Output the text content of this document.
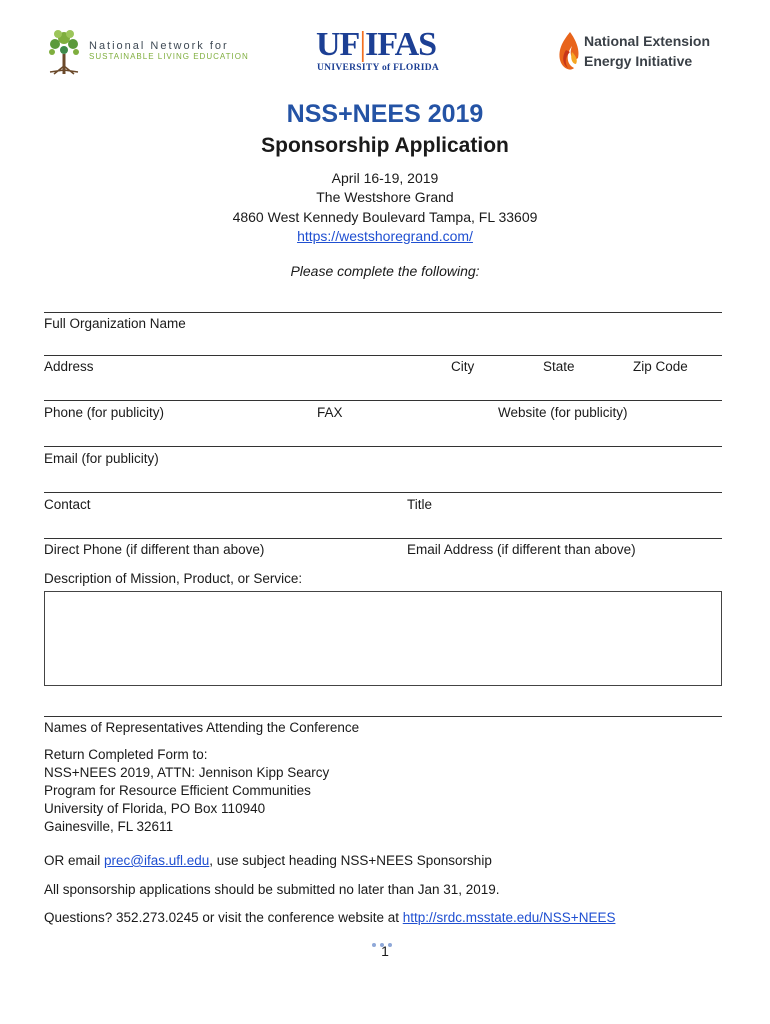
National Network for
SUSTAINABLE LIVING EDUCATION UF|IFAS
UNIVERSITY of FLORIDA
National Extension
Energy Initiative
NSS+NEES 2019
Sponsorship Application
April 16-19, 2019
The Westshore Grand
4860 West Kennedy Boulevard Tampa, FL 33609
https://westshoregrand.com/
Please complete the following:
Full Organization Name
Address	City	State	Zip Code
Phone (for publicity)	FAX	Website (for publicity)
Email (for publicity)
Contact	Title
Direct Phone (if different than above)	Email Address (if different than above)
Description of Mission, Product, or Service:
Names of Representatives Attending the Conference
Return Completed Form to:
NSS+NEES 2019, ATTN: Jennison Kipp Searcy
Program for Resource Efficient Communities
University of Florida, PO Box 110940
Gainesville, FL 32611
OR email prec@ifas.ufl.edu, use subject heading NSS+NEES Sponsorship
All sponsorship applications should be submitted no later than Jan 31, 2019.
Questions? 352.273.0245 or visit the conference website at http://srdc.msstate.edu/NSS+NEES
1
